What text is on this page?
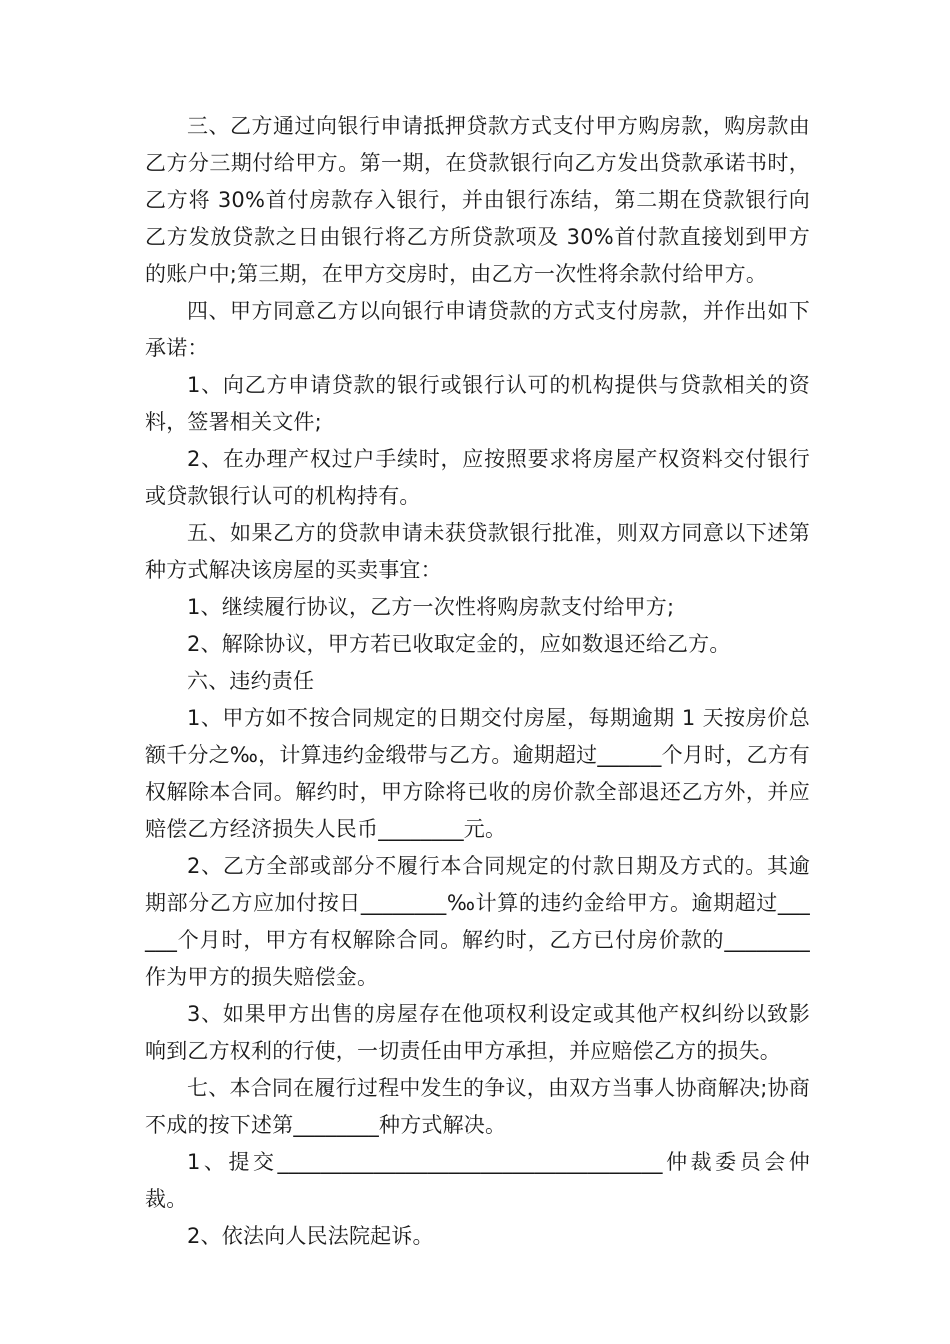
三、乙方通过向银行申请抵押贷款方式支付甲方购房款，购房款由乙方分三期付给甲方。第一期，在贷款银行向乙方发出贷款承诺书时，乙方将 30%首付房款存入银行，并由银行冻结，第二期在贷款银行向乙方发放贷款之日由银行将乙方所贷款项及 30%首付款直接划到甲方的账户中;第三期，在甲方交房时，由乙方一次性将余款付给甲方。

四、甲方同意乙方以向银行申请贷款的方式支付房款，并作出如下承诺：

1、向乙方申请贷款的银行或银行认可的机构提供与贷款相关的资料，签署相关文件;

2、在办理产权过户手续时，应按照要求将房屋产权资料交付银行或贷款银行认可的机构持有。

五、如果乙方的贷款申请未获贷款银行批准，则双方同意以下述第种方式解决该房屋的买卖事宜：

1、继续履行协议，乙方一次性将购房款支付给甲方;

2、解除协议，甲方若已收取定金的，应如数退还给乙方。

六、违约责任

1、甲方如不按合同规定的日期交付房屋，每期逾期 1 天按房价总额千分之‰，计算违约金缎带与乙方。逾期超过______个月时，乙方有权解除本合同。解约时，甲方除将已收的房价款全部退还乙方外，并应赔偿乙方经济损失人民币________元。

2、乙方全部或部分不履行本合同规定的付款日期及方式的。其逾期部分乙方应加付按日________‰计算的违约金给甲方。逾期超过______个月时，甲方有权解除合同。解约时，乙方已付房价款的________作为甲方的损失赔偿金。

3、如果甲方出售的房屋存在他项权利设定或其他产权纠纷以致影响到乙方权利的行使，一切责任由甲方承担，并应赔偿乙方的损失。

七、本合同在履行过程中发生的争议，由双方当事人协商解决;协商不成的按下述第________种方式解决。

1、提交____________________________________仲裁委员会仲裁。

2、依法向人民法院起诉。
